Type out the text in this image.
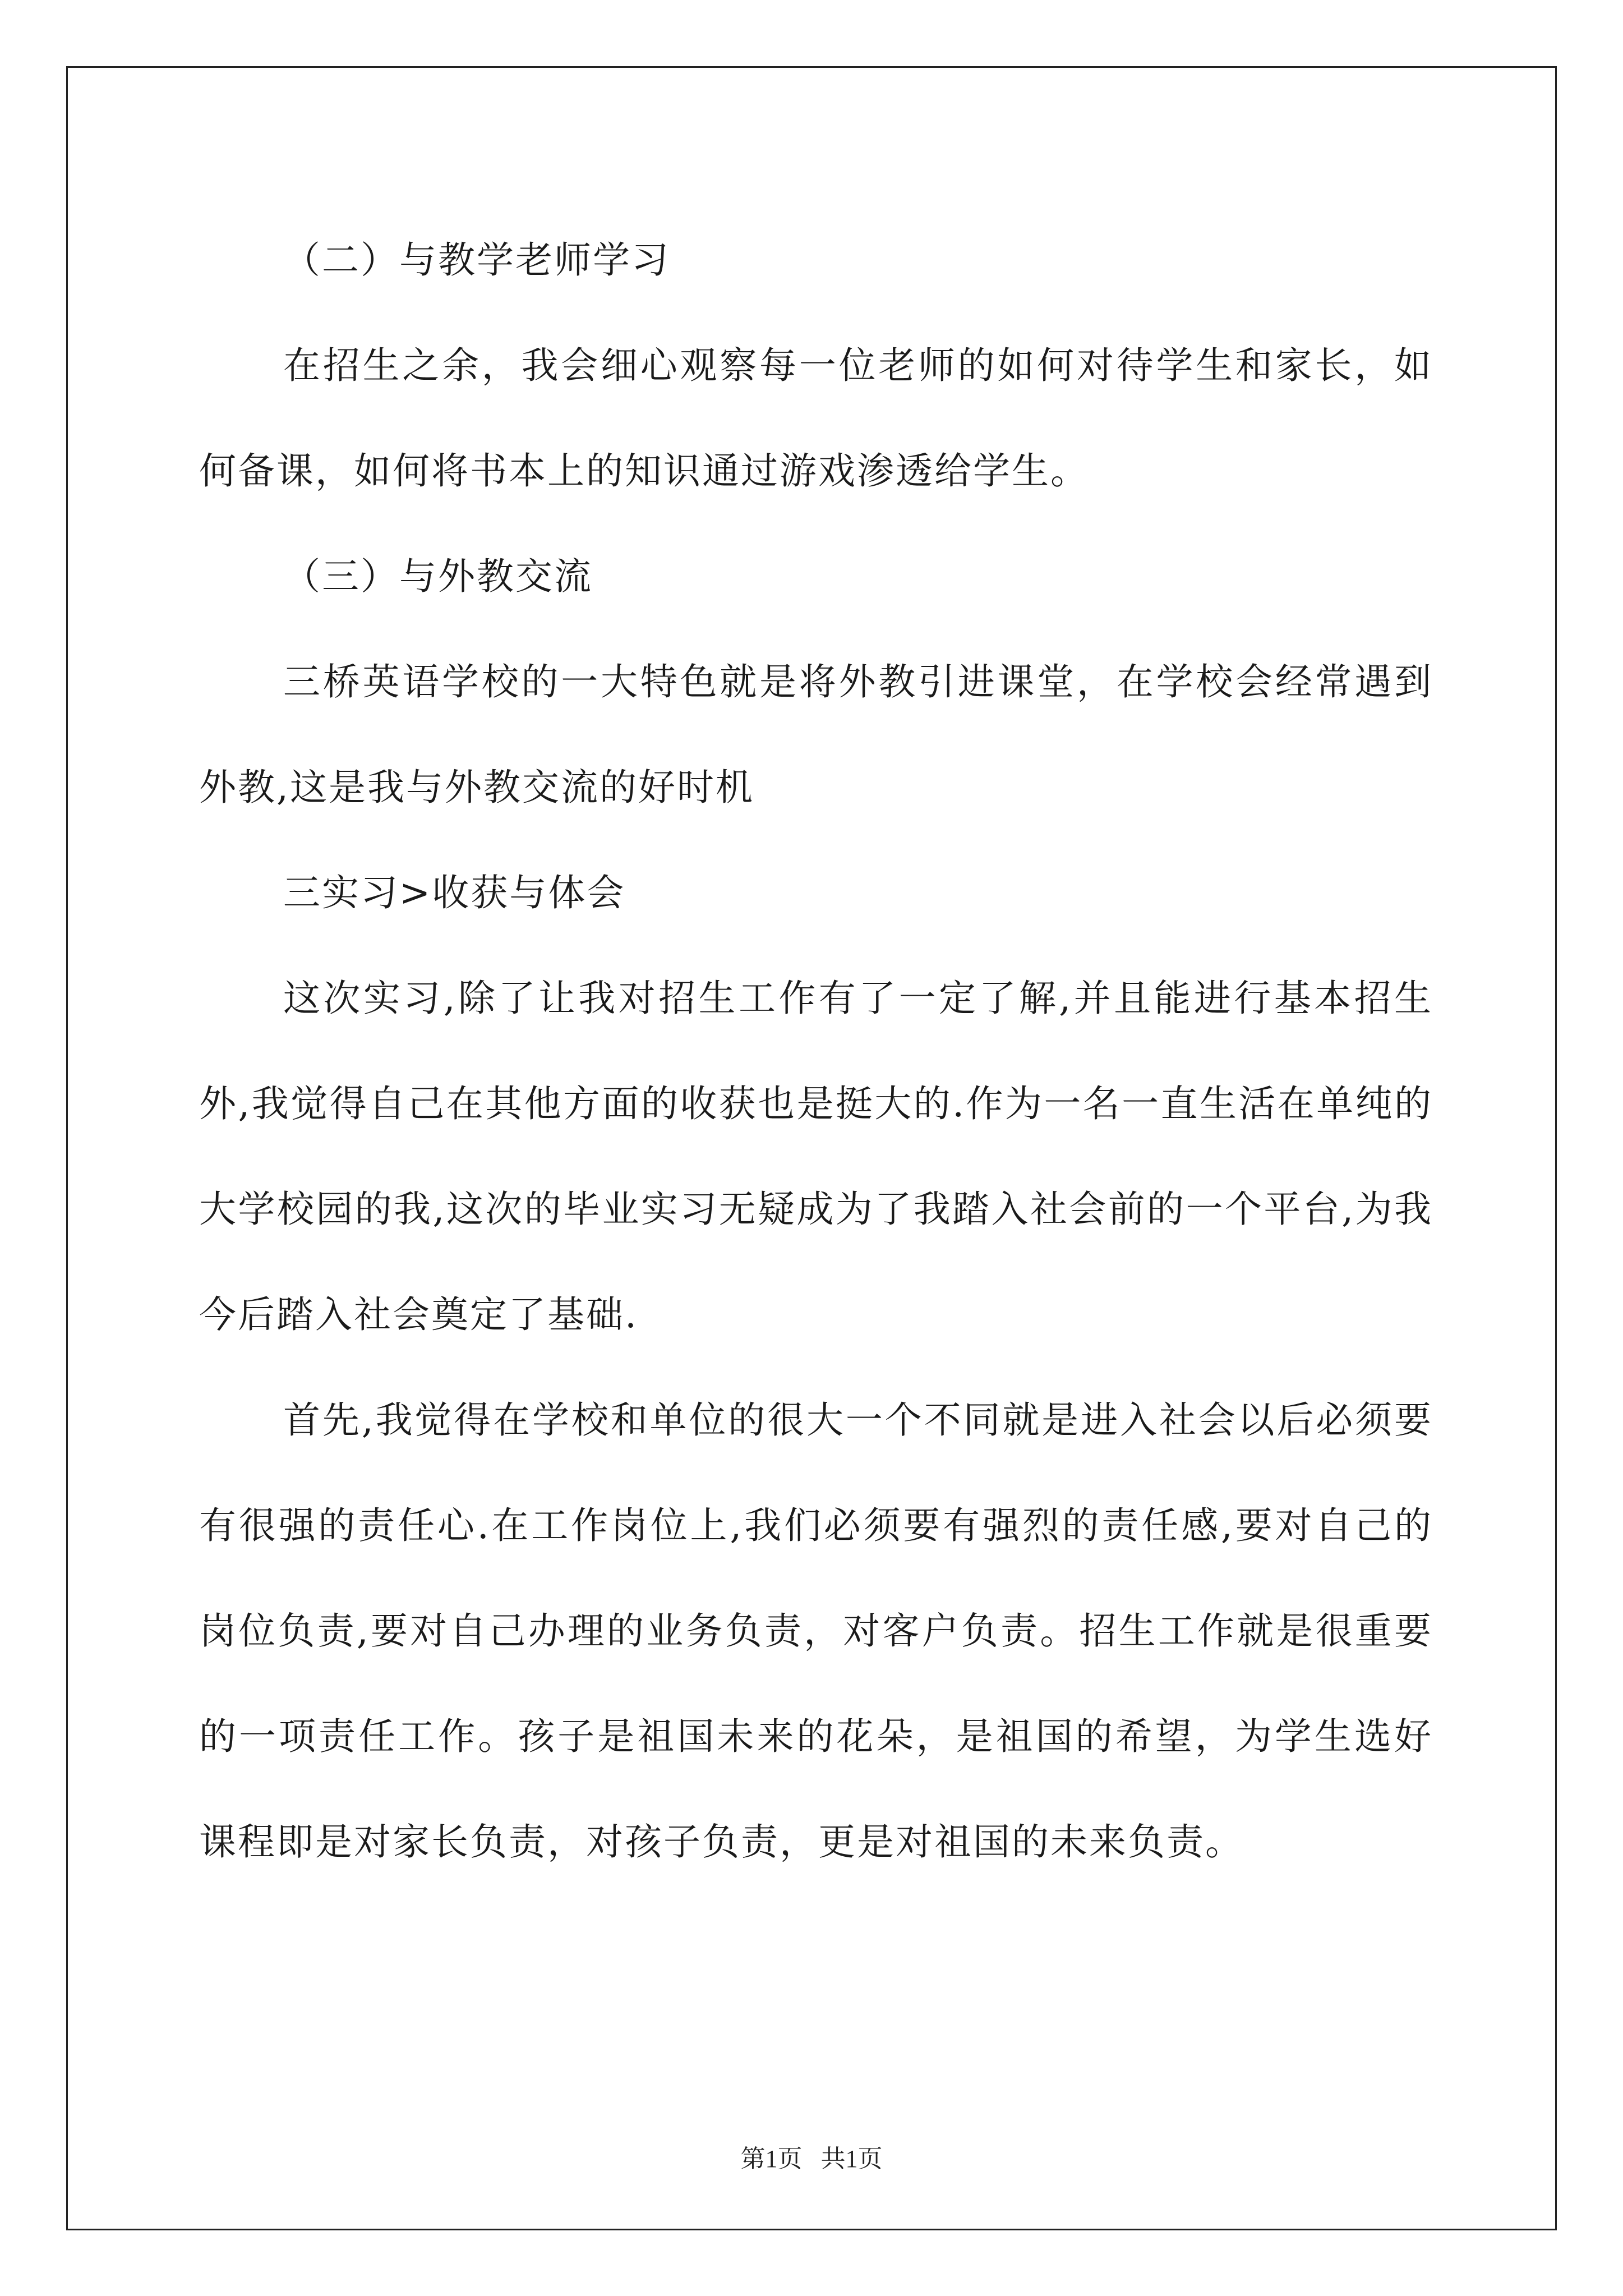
（二）与教学老师学习

在招生之余，我会细心观察每一位老师的如何对待学生和家长，如何备课，如何将书本上的知识通过游戏渗透给学生。

（三）与外教交流

三桥英语学校的一大特色就是将外教引进课堂，在学校会经常遇到外教,这是我与外教交流的好时机

三实习>收获与体会

这次实习,除了让我对招生工作有了一定了解,并且能进行基本招生外,我觉得自己在其他方面的收获也是挺大的.作为一名一直生活在单纯的大学校园的我,这次的毕业实习无疑成为了我踏入社会前的一个平台,为我今后踏入社会奠定了基础.

首先,我觉得在学校和单位的很大一个不同就是进入社会以后必须要有很强的责任心.在工作岗位上,我们必须要有强烈的责任感,要对自己的岗位负责,要对自己办理的业务负责，对客户负责。招生工作就是很重要的一项责任工作。孩子是祖国未来的花朵，是祖国的希望，为学生选好课程即是对家长负责，对孩子负责，更是对祖国的未来负责。

第1页   共1页
